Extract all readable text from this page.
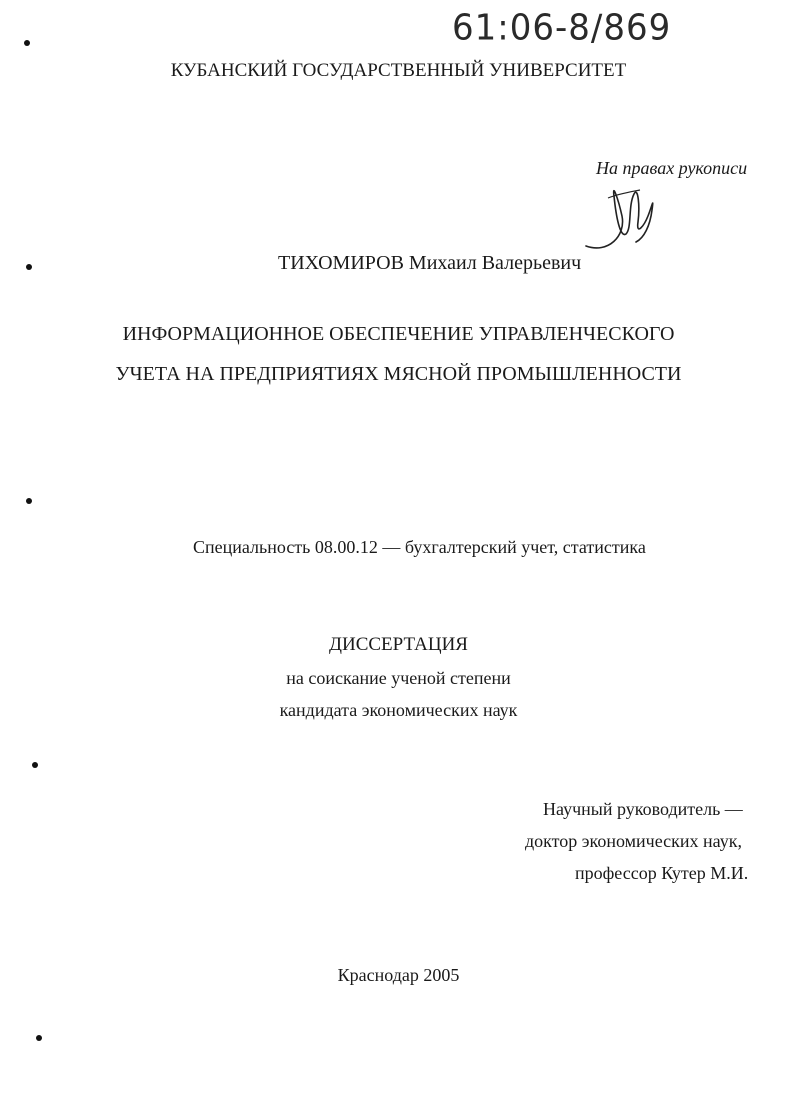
61:06-8/869
КУБАНСКИЙ ГОСУДАРСТВЕННЫЙ УНИВЕРСИТЕТ
На правах рукописи
ТИХОМИРОВ Михаил Валерьевич
ИНФОРМАЦИОННОЕ ОБЕСПЕЧЕНИЕ УПРАВЛЕНЧЕСКОГО
УЧЕТА НА ПРЕДПРИЯТИЯХ МЯСНОЙ ПРОМЫШЛЕННОСТИ
Специальность 08.00.12 — бухгалтерский учет, статистика
ДИССЕРТАЦИЯ
на соискание ученой степени
кандидата экономических наук
Научный руководитель —
доктор экономических наук,
профессор Кутер М.И.
Краснодар 2005
